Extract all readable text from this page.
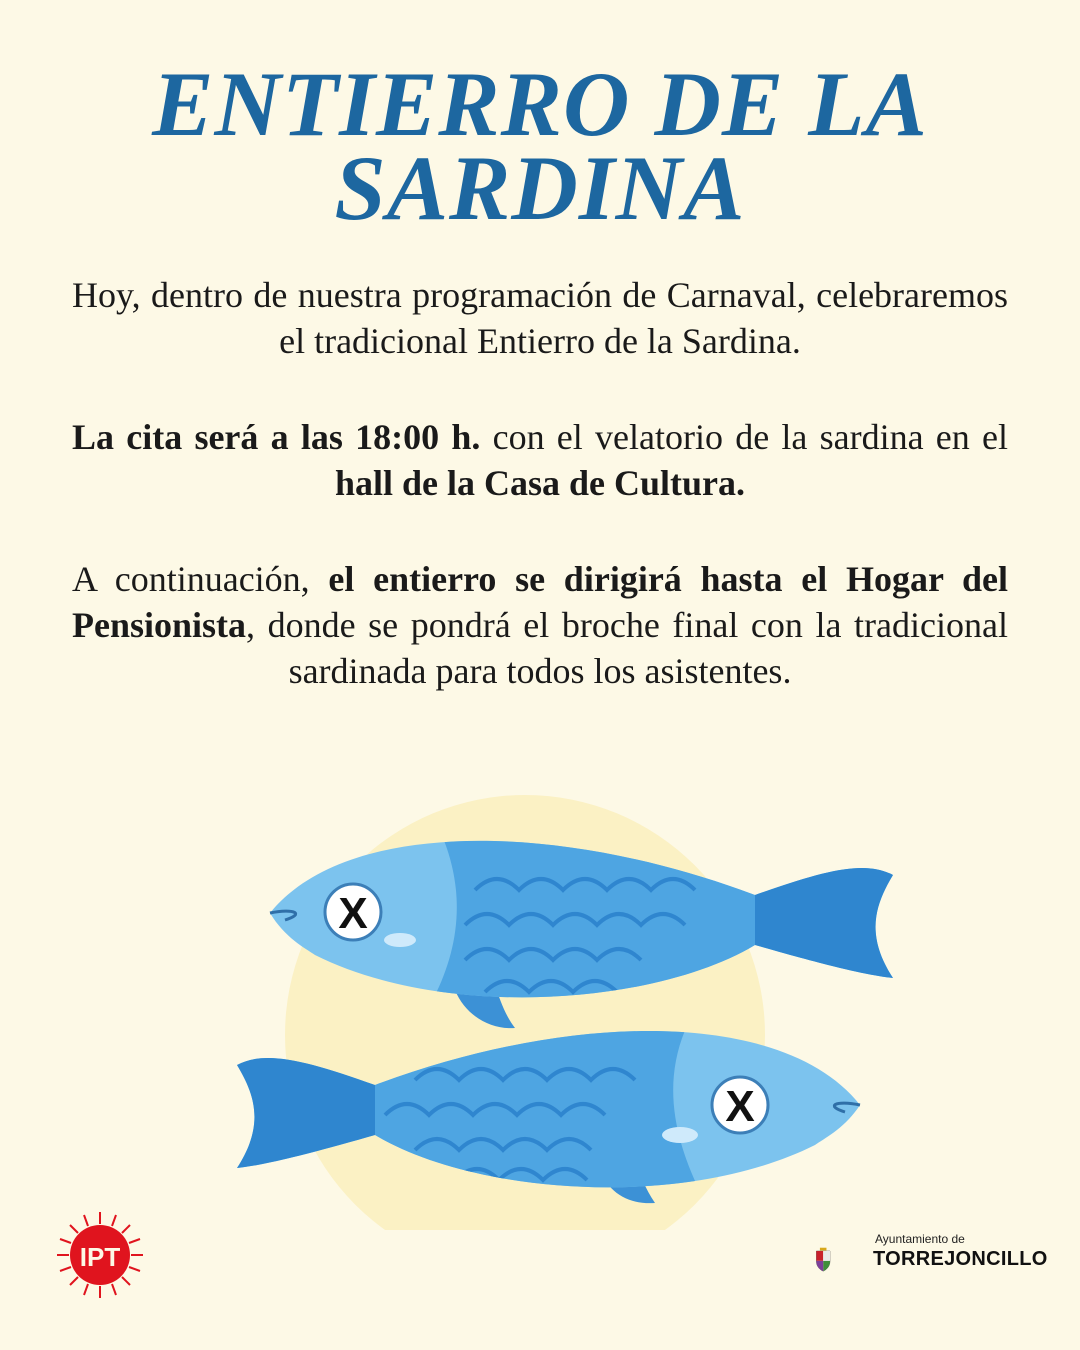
ENTIERRO DE LA
SARDINA
Hoy, dentro de nuestra programación de Carnaval, celebraremos el tradicional Entierro de la Sardina.
La cita será a las 18:00 h. con el velatorio de la sardina en el hall de la Casa de Cultura.
A continuación, el entierro se dirigirá hasta el Hogar del Pensionista, donde se pondrá el broche final con la tradicional sardinada para todos los asistentes.
X
X
IPT
Ayuntamiento de
TORREJONCILLO
